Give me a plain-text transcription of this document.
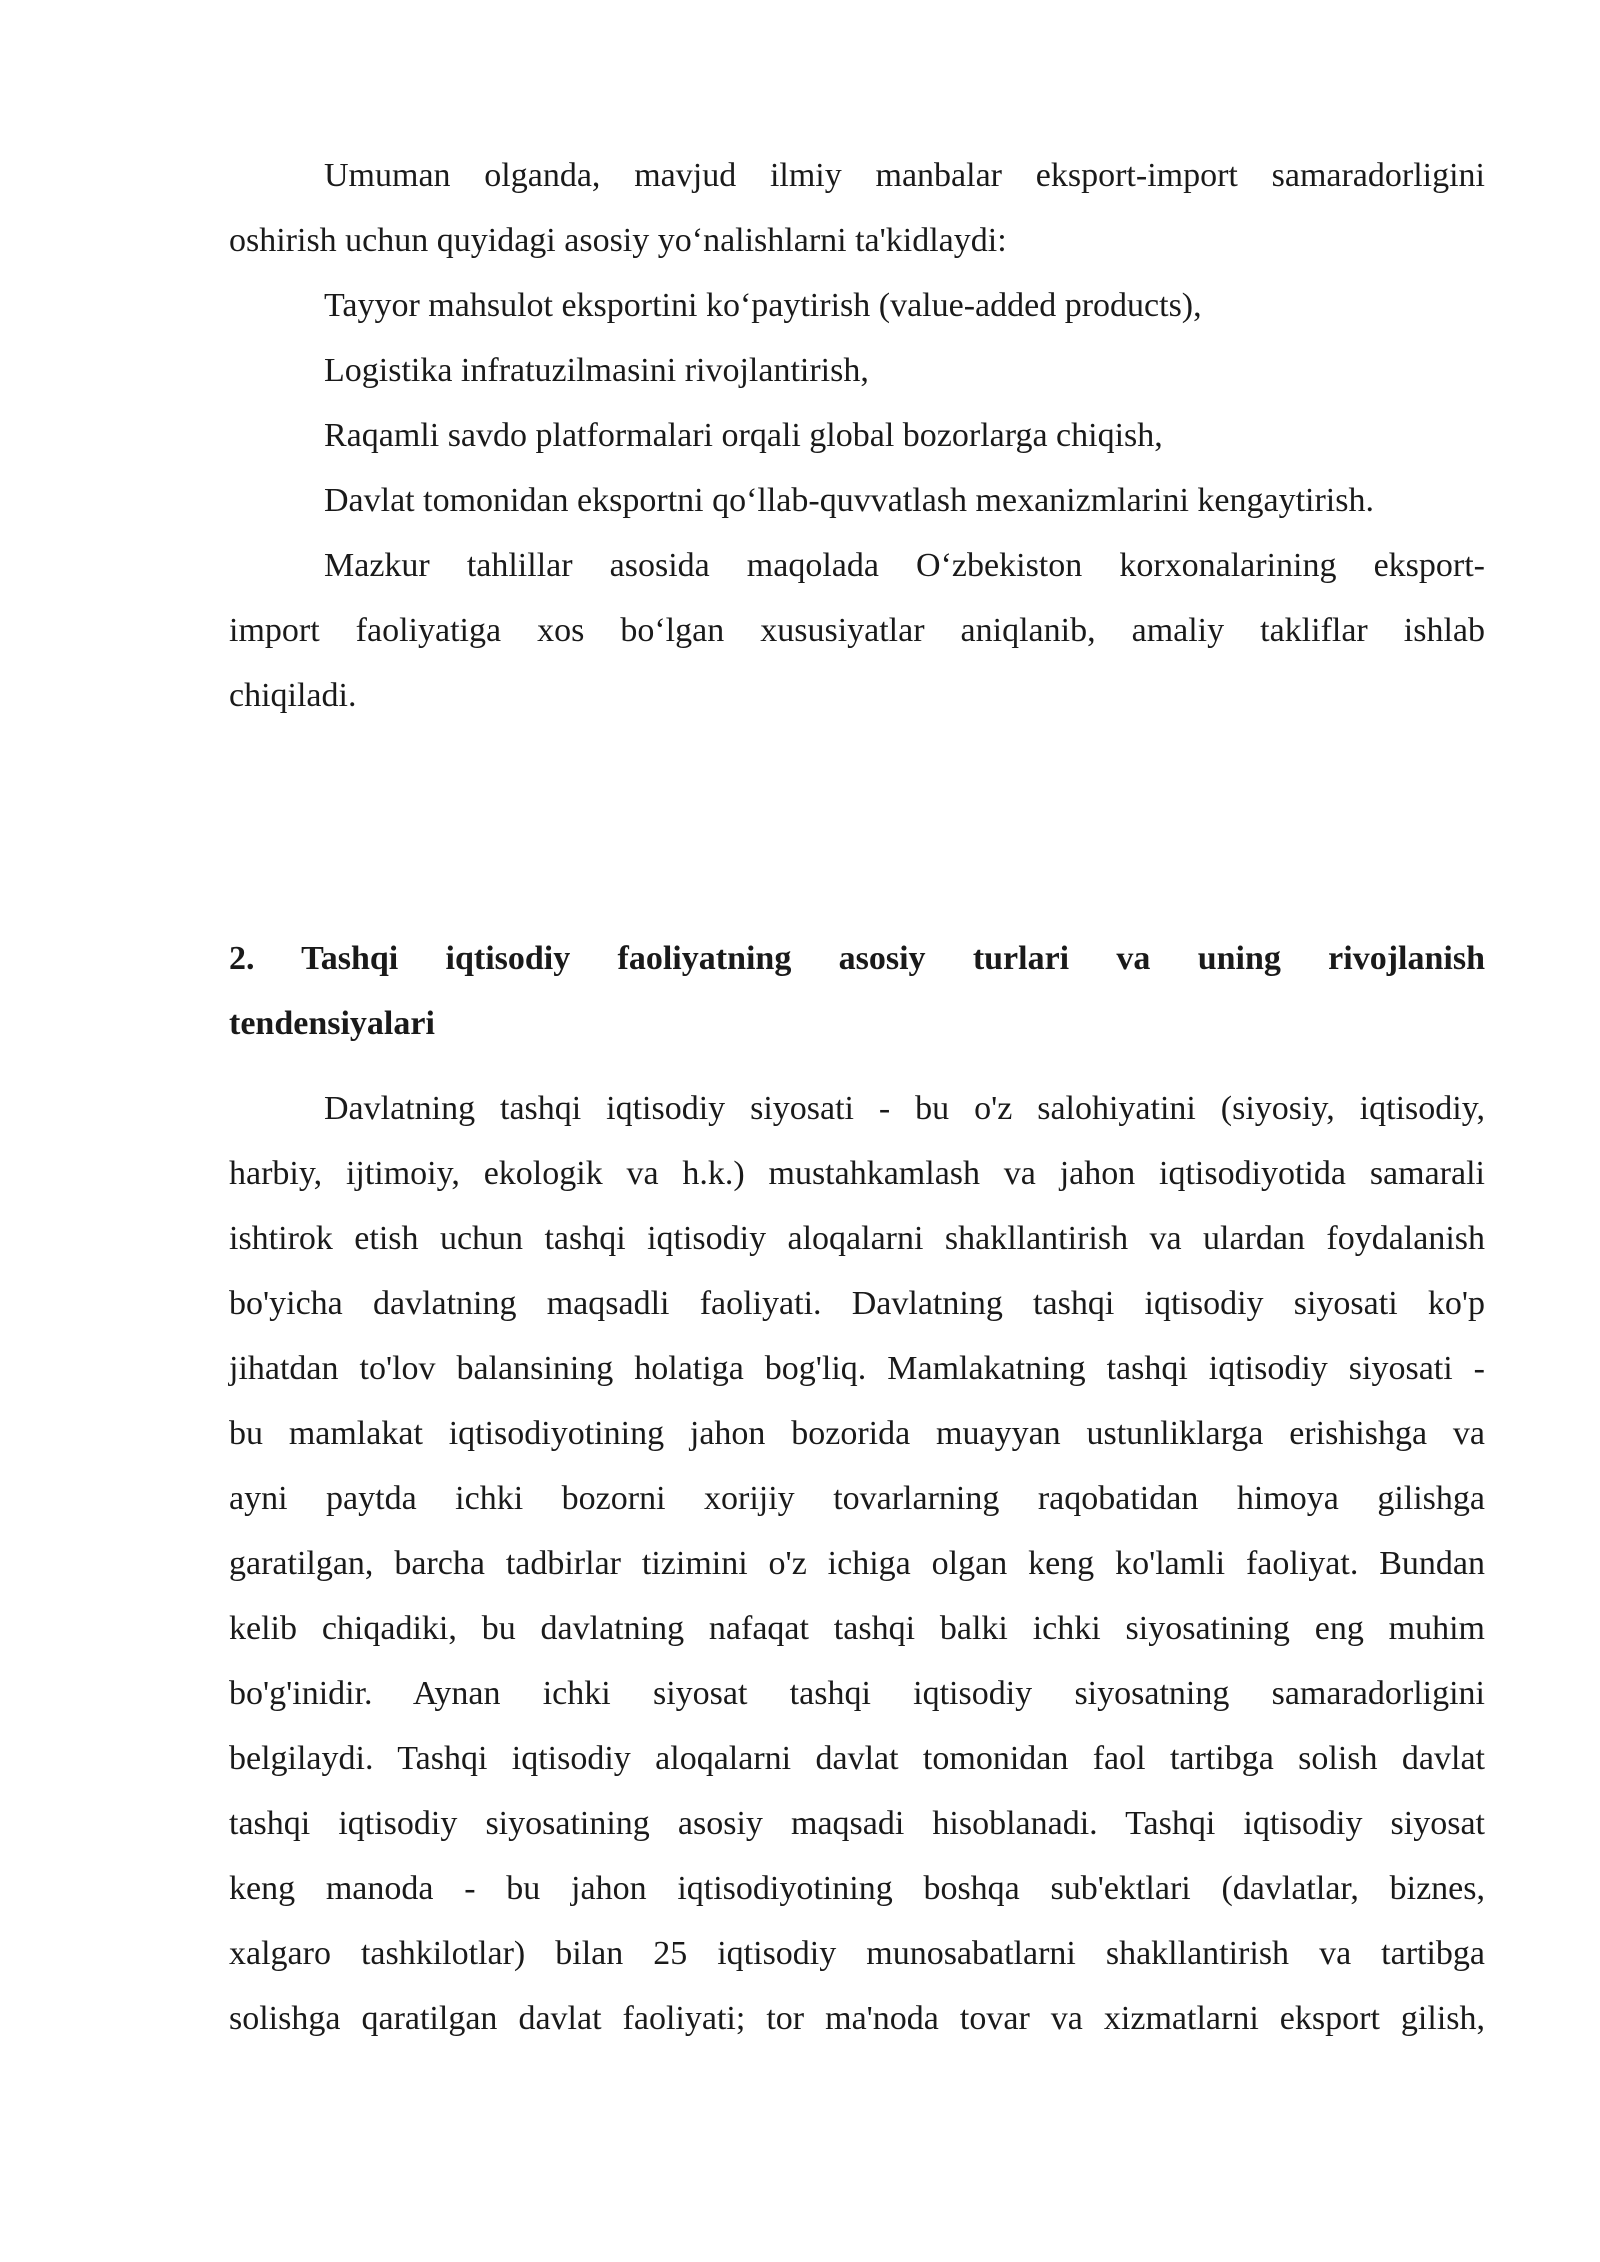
Umuman olganda, mavjud ilmiy manbalar eksport-import samaradorligini
oshirish uchun quyidagi asosiy yo‘nalishlarni ta'kidlaydi:
Tayyor mahsulot eksportini ko‘paytirish (value-added products),
Logistika infratuzilmasini rivojlantirish,
Raqamli savdo platformalari orqali global bozorlarga chiqish,
Davlat tomonidan eksportni qo‘llab-quvvatlash mexanizmlarini kengaytirish.
Mazkur tahlillar asosida maqolada O‘zbekiston korxonalarining eksport-
import faoliyatiga xos bo‘lgan xususiyatlar aniqlanib, amaliy takliflar ishlab
chiqiladi.
2. Tashqi iqtisodiy faoliyatning asosiy turlari va uning rivojlanish
tendensiyalari
Davlatning tashqi iqtisodiy siyosati - bu o'z salohiyatini (siyosiy, iqtisodiy,
harbiy, ijtimoiy, ekologik va h.k.) mustahkamlash va jahon iqtisodiyotida samarali
ishtirok etish uchun tashqi iqtisodiy aloqalarni shakllantirish va ulardan foydalanish
bo'yicha davlatning maqsadli faoliyati. Davlatning tashqi iqtisodiy siyosati ko'p
jihatdan to'lov balansining holatiga bog'liq. Mamlakatning tashqi iqtisodiy siyosati -
bu mamlakat iqtisodiyotining jahon bozorida muayyan ustunliklarga erishishga va
ayni paytda ichki bozorni xorijiy tovarlarning raqobatidan himoya gilishga
garatilgan, barcha tadbirlar tizimini o'z ichiga olgan keng ko'lamli faoliyat. Bundan
kelib chiqadiki, bu davlatning nafaqat tashqi balki ichki siyosatining eng muhim
bo'g'inidir. Aynan ichki siyosat tashqi iqtisodiy siyosatning samaradorligini
belgilaydi. Tashqi iqtisodiy aloqalarni davlat tomonidan faol tartibga solish davlat
tashqi iqtisodiy siyosatining asosiy maqsadi hisoblanadi. Tashqi iqtisodiy siyosat
keng manoda - bu jahon iqtisodiyotining boshqa sub'ektlari (davlatlar, biznes,
xalgaro tashkilotlar) bilan 25 iqtisodiy munosabatlarni shakllantirish va tartibga
solishga qaratilgan davlat faoliyati; tor ma'noda tovar va xizmatlarni eksport gilish,
